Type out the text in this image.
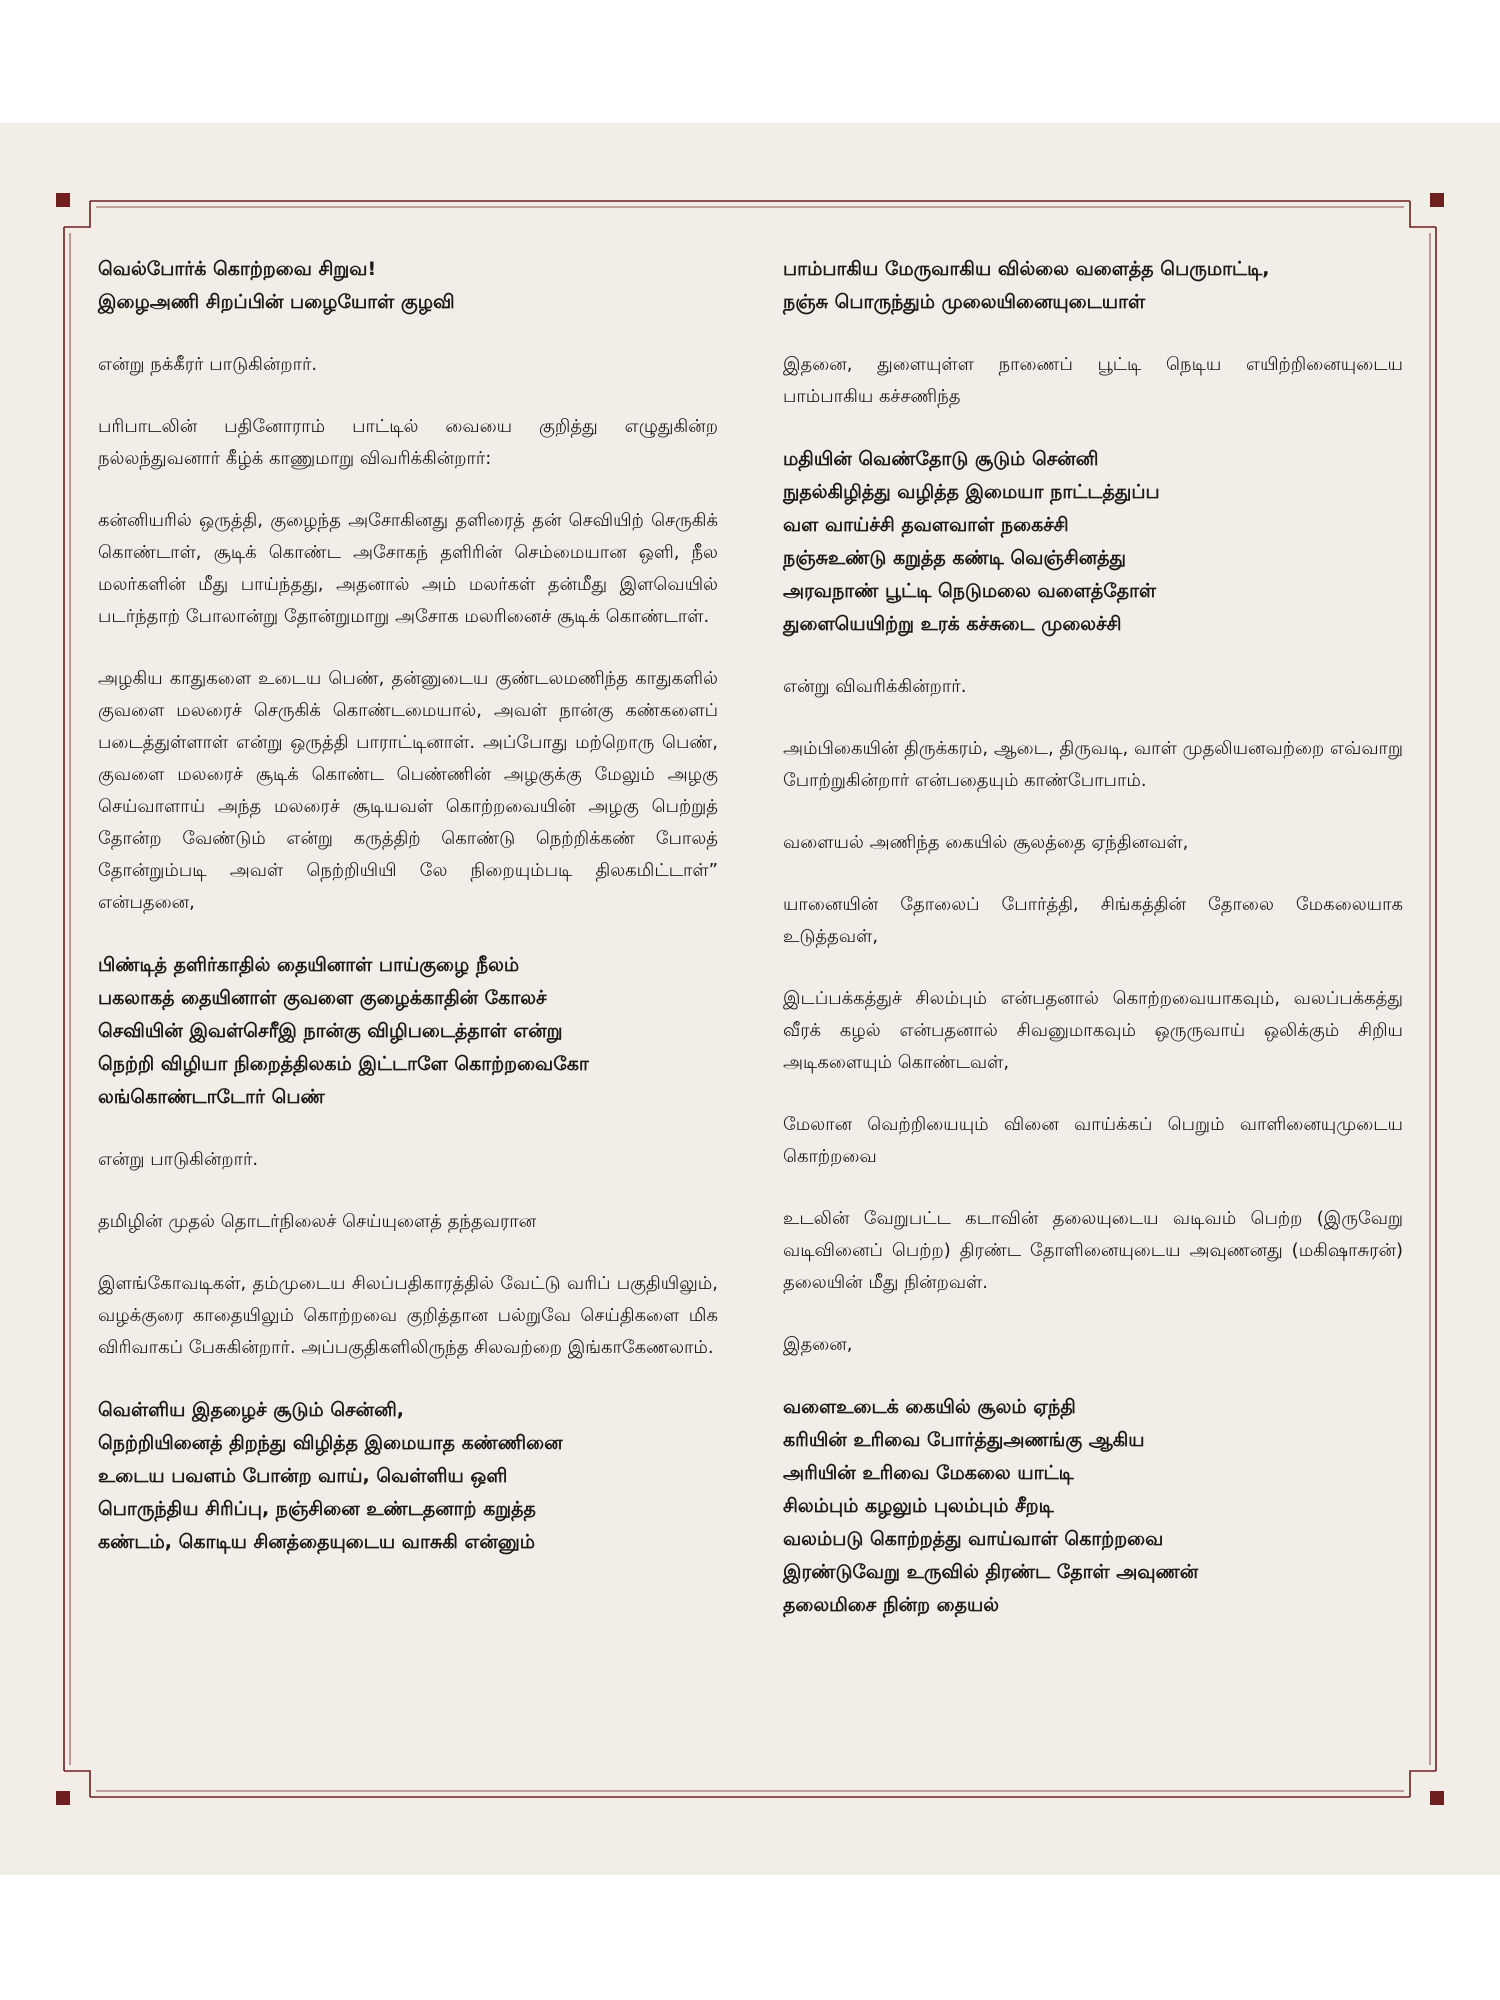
வெல்போர்க் கொற்றவை சிறுவ!
இழைஅணி சிறப்பின் பழையோள் குழவி

என்று நக்கீரர் பாடுகின்றார்.

பரிபாடலின் பதினோராம் பாட்டில் வையை குறித்து எழுதுகின்ற நல்லந்துவனார் கீழ்க் காணுமாறு விவரிக்கின்றார்:

கன்னியரில் ஒருத்தி, குழைந்த அசோகினது தளிரைத் தன் செவியிற் செருகிக் கொண்டாள், சூடிக் கொண்ட அசோகந் தளிரின் செம்மையான ஒளி, நீல மலர்களின் மீது பாய்ந்தது, அதனால் அம் மலர்கள் தன்மீது இளவெயில் படர்ந்தாற் போலான்று தோன்றுமாறு அசோக மலரினைச் சூடிக் கொண்டாள்.

அழகிய காதுகளை உடைய பெண், தன்னுடைய குண்டலமணிந்த காதுகளில் குவளை மலரைச் செருகிக் கொண்டமையால், அவள் நான்கு கண்களைப் படைத்துள்ளாள் என்று ஒருத்தி பாராட்டினாள். அப்போது மற்றொரு பெண், குவளை மலரைச் சூடிக் கொண்ட பெண்ணின் அழகுக்கு மேலும் அழகு செய்வாளாய் அந்த மலரைச் சூடியவள் கொற்றவையின் அழகு பெற்றுத் தோன்ற வேண்டும் என்று கருத்திற் கொண்டு நெற்றிக்கண் போலத் தோன்றும்படி அவள் நெற்றியியி லே நிறையும்படி திலகமிட்டாள்” என்பதனை,

பிண்டித் தளிர்காதில் தையினாள் பாய்குழை நீலம்
பகலாகத் தையினாள் குவளை குழைக்காதின் கோலச்
செவியின் இவள்செரீஇ நான்கு விழிபடைத்தாள் என்று
நெற்றி விழியா நிறைத்திலகம் இட்டாளே கொற்றவைகோ
லங்கொண்டாடோர் பெண்

என்று பாடுகின்றார்.

தமிழின் முதல் தொடர்நிலைச் செய்யுளைத் தந்தவரான

இளங்கோவடிகள், தம்முடைய சிலப்பதிகாரத்தில் வேட்டு வரிப் பகுதியிலும், வழக்குரை காதையிலும் கொற்றவை குறித்தான பல்றுவே செய்திகளை மிக விரிவாகப் பேசுகின்றார். அப்பகுதிகளிலிருந்த சிலவற்றை இங்காகேணலாம்.

வெள்ளிய இதழைச் சூடும் சென்னி,
நெற்றியினைத் திறந்து விழித்த இமையாத கண்ணினை
உடைய பவளம் போன்ற வாய், வெள்ளிய ஒளி
பொருந்திய சிரிப்பு, நஞ்சினை உண்டதனாற் கறுத்த
கண்டம், கொடிய சினத்தையுடைய வாசுகி என்னும்
பாம்பாகிய மேருவாகிய வில்லை வளைத்த பெருமாட்டி,
நஞ்சு பொருந்தும் முலையினையுடையாள்

இதனை, துளையுள்ள நாணைப் பூட்டி நெடிய எயிற்றினையுடைய பாம்பாகிய கச்சணிந்த

மதியின் வெண்தோடு சூடும் சென்னி
நுதல்கிழித்து வழித்த இமையா நாட்டத்துப்ப
வள வாய்ச்சி தவளவாள் நகைச்சி
நஞ்சுஉண்டு கறுத்த கண்டி வெஞ்சினத்து
அரவநாண் பூட்டி நெடுமலை வளைத்தோள்
துளையெயிற்று உரக் கச்சுடை முலைச்சி

என்று விவரிக்கின்றார்.

அம்பிகையின் திருக்கரம், ஆடை, திருவடி, வாள் முதலியனவற்றை எவ்வாறு போற்றுகின்றார் என்பதையும் காண்போபாம்.

வளையல் அணிந்த கையில் சூலத்தை ஏந்தினவள்,

யானையின் தோலைப் போர்த்தி, சிங்கத்தின் தோலை மேகலையாக உடுத்தவள்,

இடப்பக்கத்துச் சிலம்பும் என்பதனால் கொற்றவையாகவும், வலப்பக்கத்து வீரக் கழல் என்பதனால் சிவனுமாகவும் ஒருருவாய் ஒலிக்கும் சிறிய அடிகளையும் கொண்டவள்,

மேலான வெற்றியையும் வினை வாய்க்கப் பெறும் வாளினையுமுடைய கொற்றவை

உடலின் வேறுபட்ட கடாவின் தலையுடைய வடிவம் பெற்ற (இருவேறு வடிவினைப் பெற்ற) திரண்ட தோளினையுடைய அவுணனது (மகிஷாசுரன்) தலையின் மீது நின்றவள்.

இதனை,

வளைஉடைக் கையில் சூலம் ஏந்தி
கரியின் உரிவை போர்த்துஅணங்கு ஆகிய
அரியின் உரிவை மேகலை யாட்டி
சிலம்பும் கழலும் புலம்பும் சீறடி
வலம்படு கொற்றத்து வாய்வாள் கொற்றவை
இரண்டுவேறு உருவில் திரண்ட தோள் அவுணன்
தலைமிசை நின்ற தையல்
